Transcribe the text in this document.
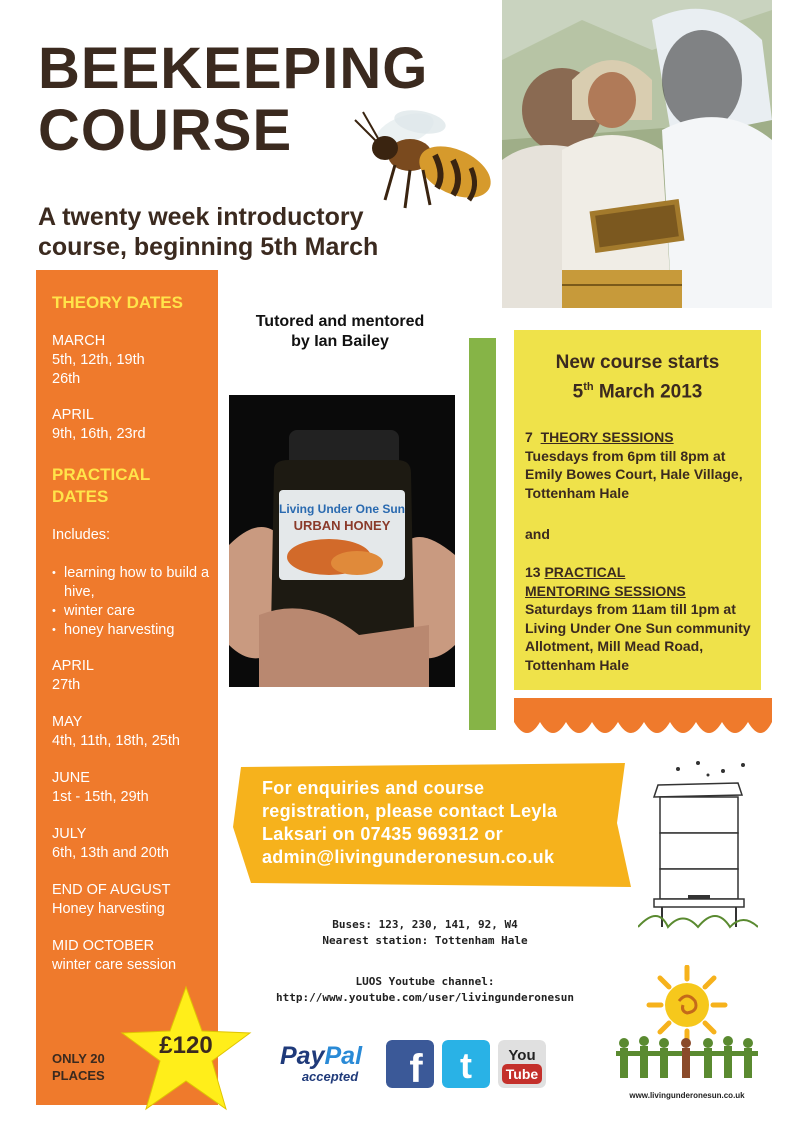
BEEKEEPING
COURSE
A twenty week introductory
course, beginning 5th March
THEORY DATES
MARCH
5th, 12th, 19th
26th
APRIL
9th, 16th, 23rd
PRACTICAL
DATES
Includes:
• learning how to build a hive,
• winter care
• honey harvesting
APRIL
27th
MAY
4th, 11th, 18th, 25th
JUNE
1st - 15th, 29th
JULY
6th, 13th and 20th
END OF AUGUST
Honey harvesting
MID OCTOBER
winter care session
£120
ONLY 20
PLACES
Tutored and mentored
by Ian Bailey
Living Under One Sun
URBAN HONEY
New course starts
5th March 2013
7 THEORY SESSIONS
Tuesdays from 6pm till 8pm at Emily Bowes Court, Hale Village, Tottenham Hale
and
13 PRACTICAL
MENTORING SESSIONS
Saturdays from 11am till 1pm at Living Under One Sun community Allotment, Mill Mead Road, Tottenham Hale
For enquiries and course
registration, please contact Leyla
Laksari on 07435 969312 or
admin@livingunderonesun.co.uk
Buses: 123, 230, 141, 92, W4
Nearest station: Tottenham Hale
LUOS Youtube channel:
http://www.youtube.com/user/livingunderonesun
PayPal
accepted	f t You
Tube
www.livingunderonesun.co.uk
